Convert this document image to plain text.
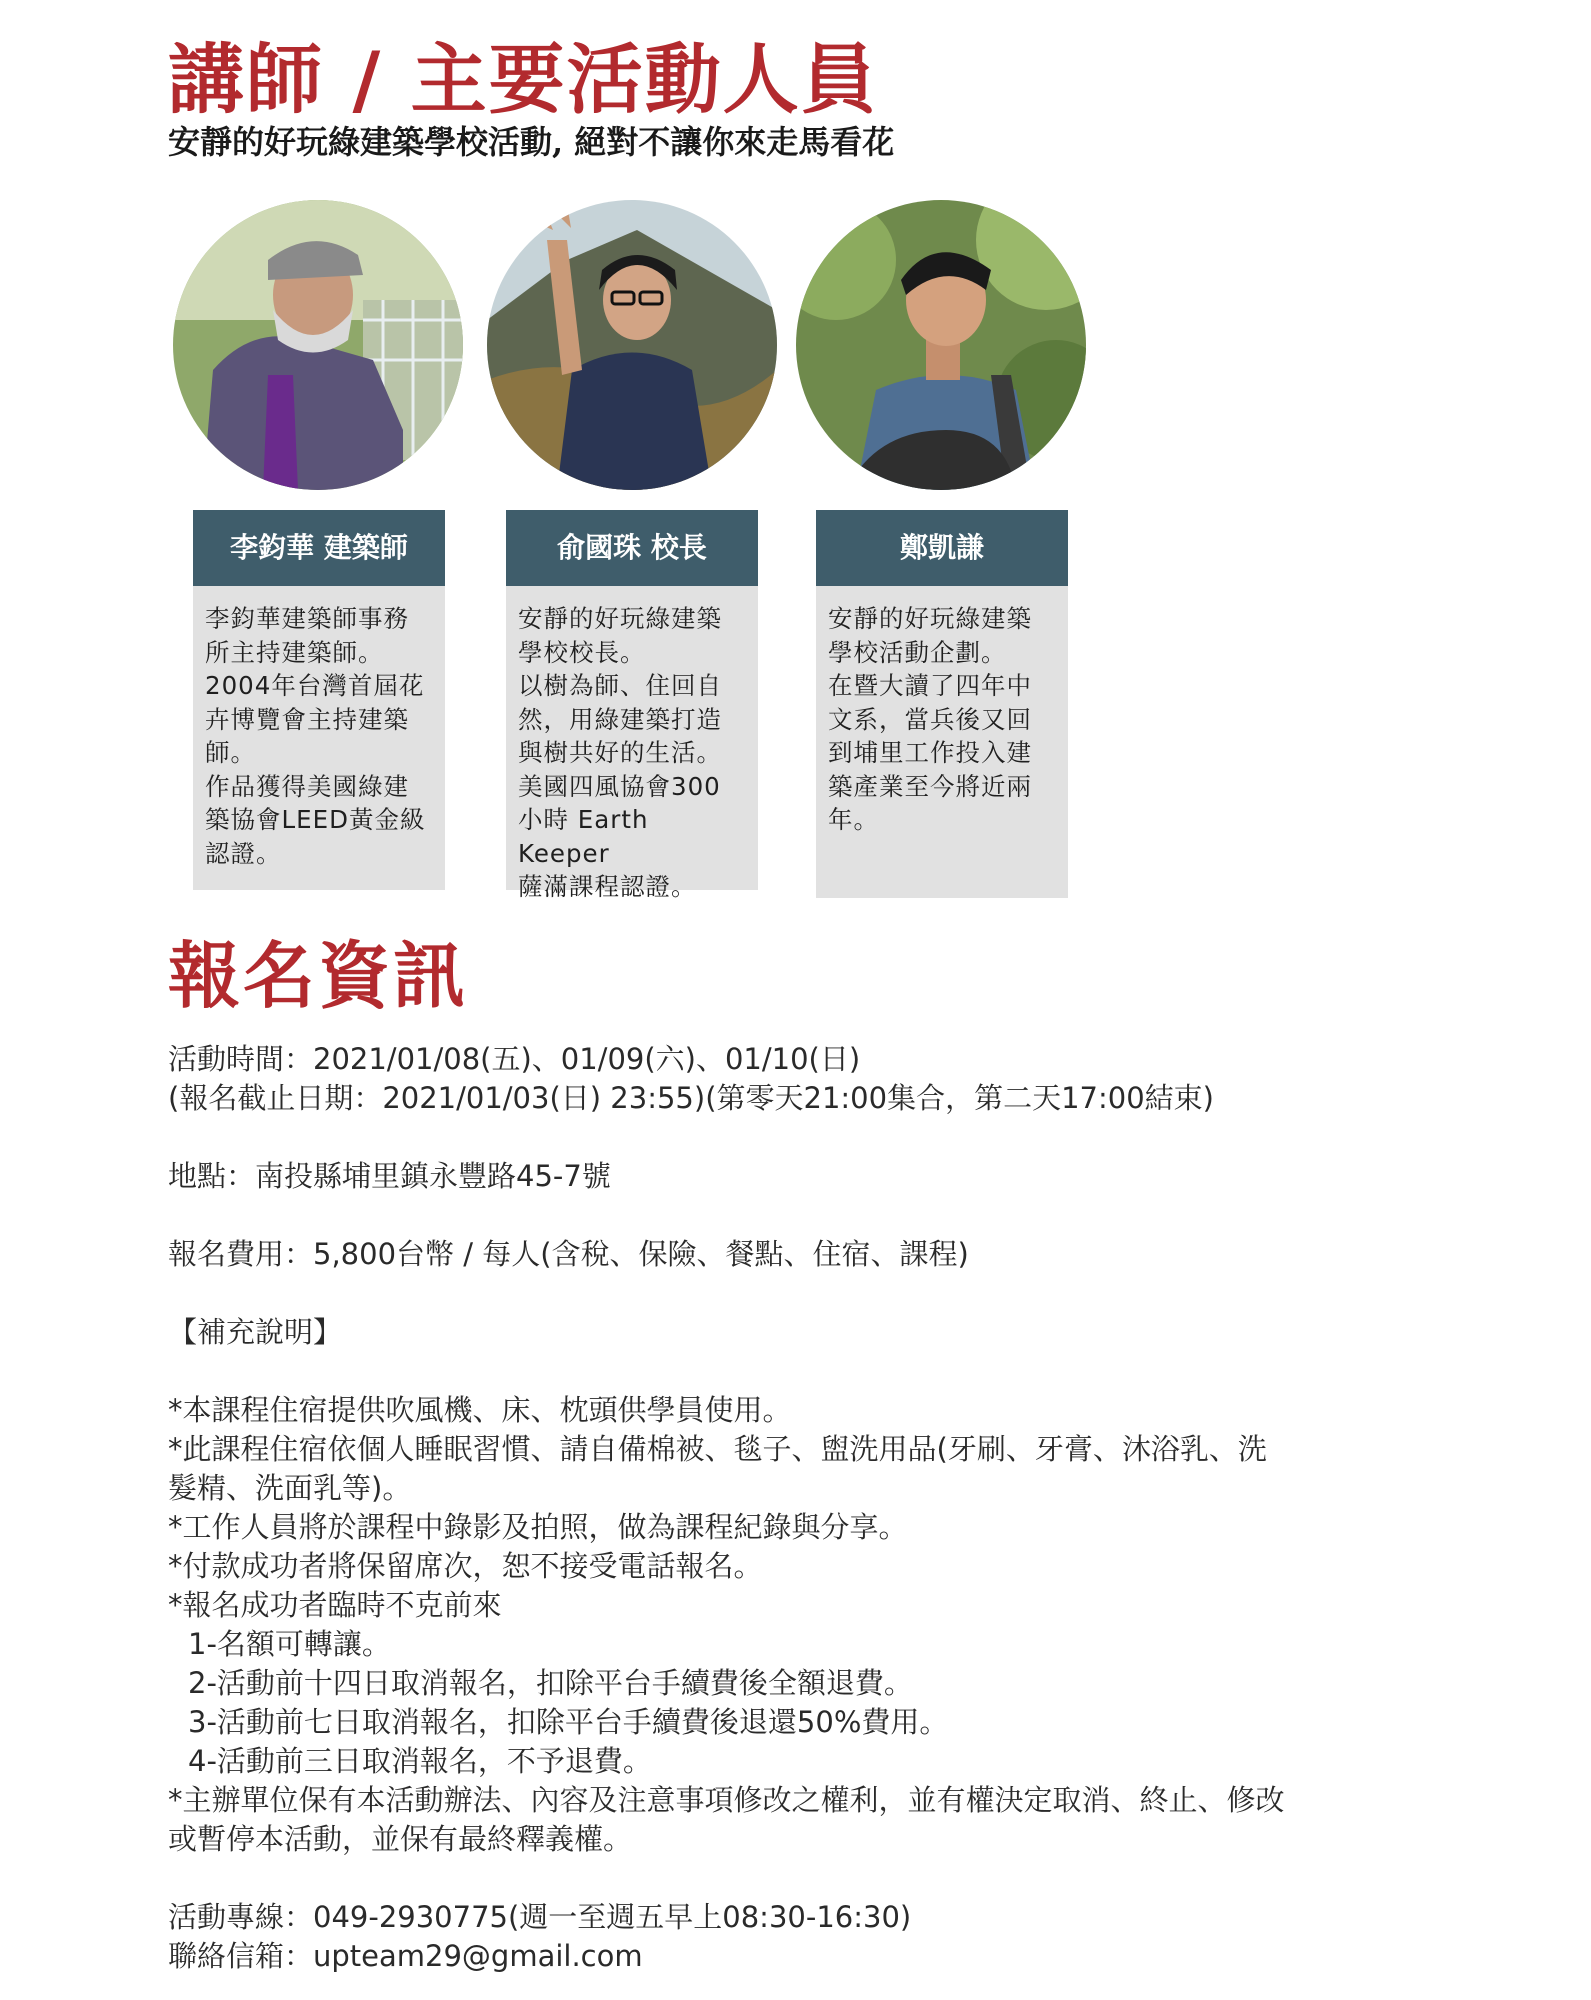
講師 / 主要活動人員
安靜的好玩綠建築學校活動, 絕對不讓你來走馬看花
李鈞華 建築師
李鈞華建築師事務
所主持建築師。
2004年台灣首屆花
卉博覽會主持建築
師。
作品獲得美國綠建
築協會LEED黃金級
認證。
俞國珠 校長
安靜的好玩綠建築
學校校長。
以樹為師、住回自
然，用綠建築打造
與樹共好的生活。
美國四風協會300
小時 Earth Keeper
薩滿課程認證。
鄭凱謙
安靜的好玩綠建築
學校活動企劃。
在暨大讀了四年中
文系，當兵後又回
到埔里工作投入建
築產業至今將近兩
年。
報名資訊

活動時間：2021/01/08(五)、01/09(六)、01/10(日)

(報名截止日期：2021/01/03(日) 23:55)(第零天21:00集合，第二天17:00結束)

地點：南投縣埔里鎮永豐路45-7號

報名費用：5,800台幣 / 每人(含稅、保險、餐點、住宿、課程)

【補充說明】

*本課程住宿提供吹風機、床、枕頭供學員使用。

*此課程住宿依個人睡眠習慣、請自備棉被、毯子、盥洗用品(牙刷、牙膏、沐浴乳、洗

髮精、洗面乳等)。

*工作人員將於課程中錄影及拍照，做為課程紀錄與分享。

*付款成功者將保留席次，恕不接受電話報名。

*報名成功者臨時不克前來

1-名額可轉讓。

2-活動前十四日取消報名，扣除平台手續費後全額退費。

3-活動前七日取消報名，扣除平台手續費後退還50%費用。

4-活動前三日取消報名，不予退費。

*主辦單位保有本活動辦法、內容及注意事項修改之權利，並有權決定取消、終止、修改

或暫停本活動，並保有最終釋義權。

活動專線：049-2930775(週一至週五早上08:30-16:30)

聯絡信箱：upteam29@gmail.com
